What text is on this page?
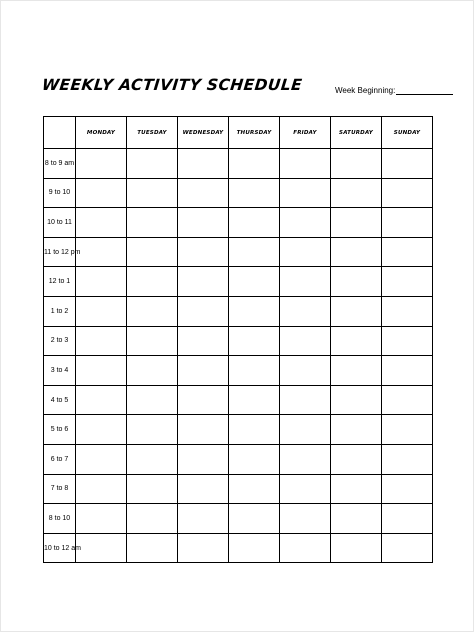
WEEKLY ACTIVITY SCHEDULE	Week Beginning:
	MONDAY	TUESDAY	WEDNESDAY	THURSDAY	FRIDAY	SATURDAY	SUNDAY
8 to 9 am							
9 to 10							
10 to 11							
11 to 12 pm							
12 to 1							
1 to 2							
2 to 3							
3 to 4							
4 to 5							
5 to 6							
6 to 7							
7 to 8							
8 to 10							
10 to 12 am							
